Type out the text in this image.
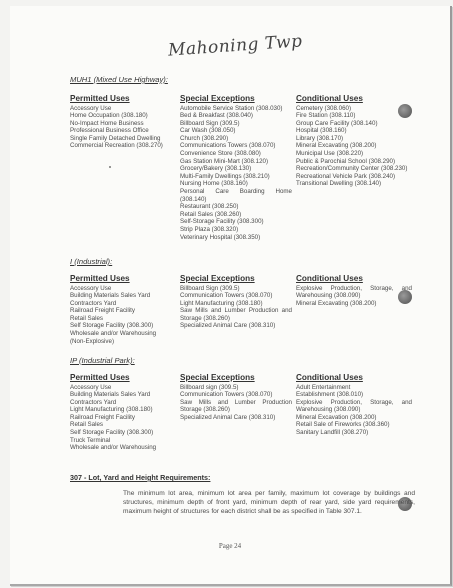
Mahoning Twp
MUH1 (Mixed Use Highway):
Permitted Uses
Accessory Use
Home Occupation (308.180)
No-Impact Home Business
Professional Business Office
Single Family Detached Dwelling
Commercial Recreation (308.270)
Special Exceptions
Automobile Service Station (308.030)
Bed & Breakfast (308.040)
Billboard Sign (309.5)
Car Wash (308.050)
Church (308.290)
Communications Towers (308.070)
Convenience Store (308.080)
Gas Station Mini-Mart (308.120)
Grocery/Bakery (308.130)
Multi-Family Dwellings (308.210)
Nursing Home (308.160)
Personal Care Boarding Home (308.140)
Restaurant (308.250)
Retail Sales (308.260)
Self-Storage Facility (308.300)
Strip Plaza (308.320)
Veterinary Hospital (308.350)
Conditional Uses
Cemetery (308.060)
Fire Station (308.110)
Group Care Facility (308.140)
Hospital (308.160)
Library (308.170)
Mineral Excavating (308.200)
Municipal Use (308.220)
Public & Parochial School (308.290)
Recreation/Community Center (308.230)
Recreational Vehicle Park (308.240)
Transitional Dwelling (308.140)
I (Industrial):
Permitted Uses
Accessory Use
Building Materials Sales Yard
Contractors Yard
Railroad Freight Facility
Retail Sales
Self Storage Facility (308.300)
Wholesale and/or Warehousing
(Non-Explosive)
Special Exceptions
Billboard Sign (309.5)
Communication Towers (308.070)
Light Manufacturing (308.180)
Saw Mills and Lumber Production and Storage (308.260)
Specialized Animal Care (308.310)
Conditional Uses
Explosive Production, Storage, and Warehousing (308.090)
Mineral Excavating (308.200)
IP (Industrial Park):
Permitted Uses
Accessory Use
Building Materials Sales Yard
Contractors Yard
Light Manufacturing (308.180)
Railroad Freight Facility
Retail Sales
Self Storage Facility (308.300)
Truck Terminal
Wholesale and/or Warehousing
Special Exceptions
Billboard sign (309.5)
Communication Towers (308.070)
Saw Mills and Lumber Production Storage (308.260)
Specialized Animal Care (308.310)
Conditional Uses
Adult Entertainment
Establishment (308.010)
Explosive Production, Storage, and Warehousing (308.090)
Mineral Excavation (308.200)
Retail Sale of Fireworks (308.360)
Sanitary Landfill (308.270)
307 - Lot, Yard and Height Requirements:
The minimum lot area, minimum lot area per family, maximum lot coverage by buildings and structures, minimum depth of front yard, minimum depth of rear yard, side yard requirements, maximum height of structures for each district shall be as specified in Table 307.1.
Page 24
